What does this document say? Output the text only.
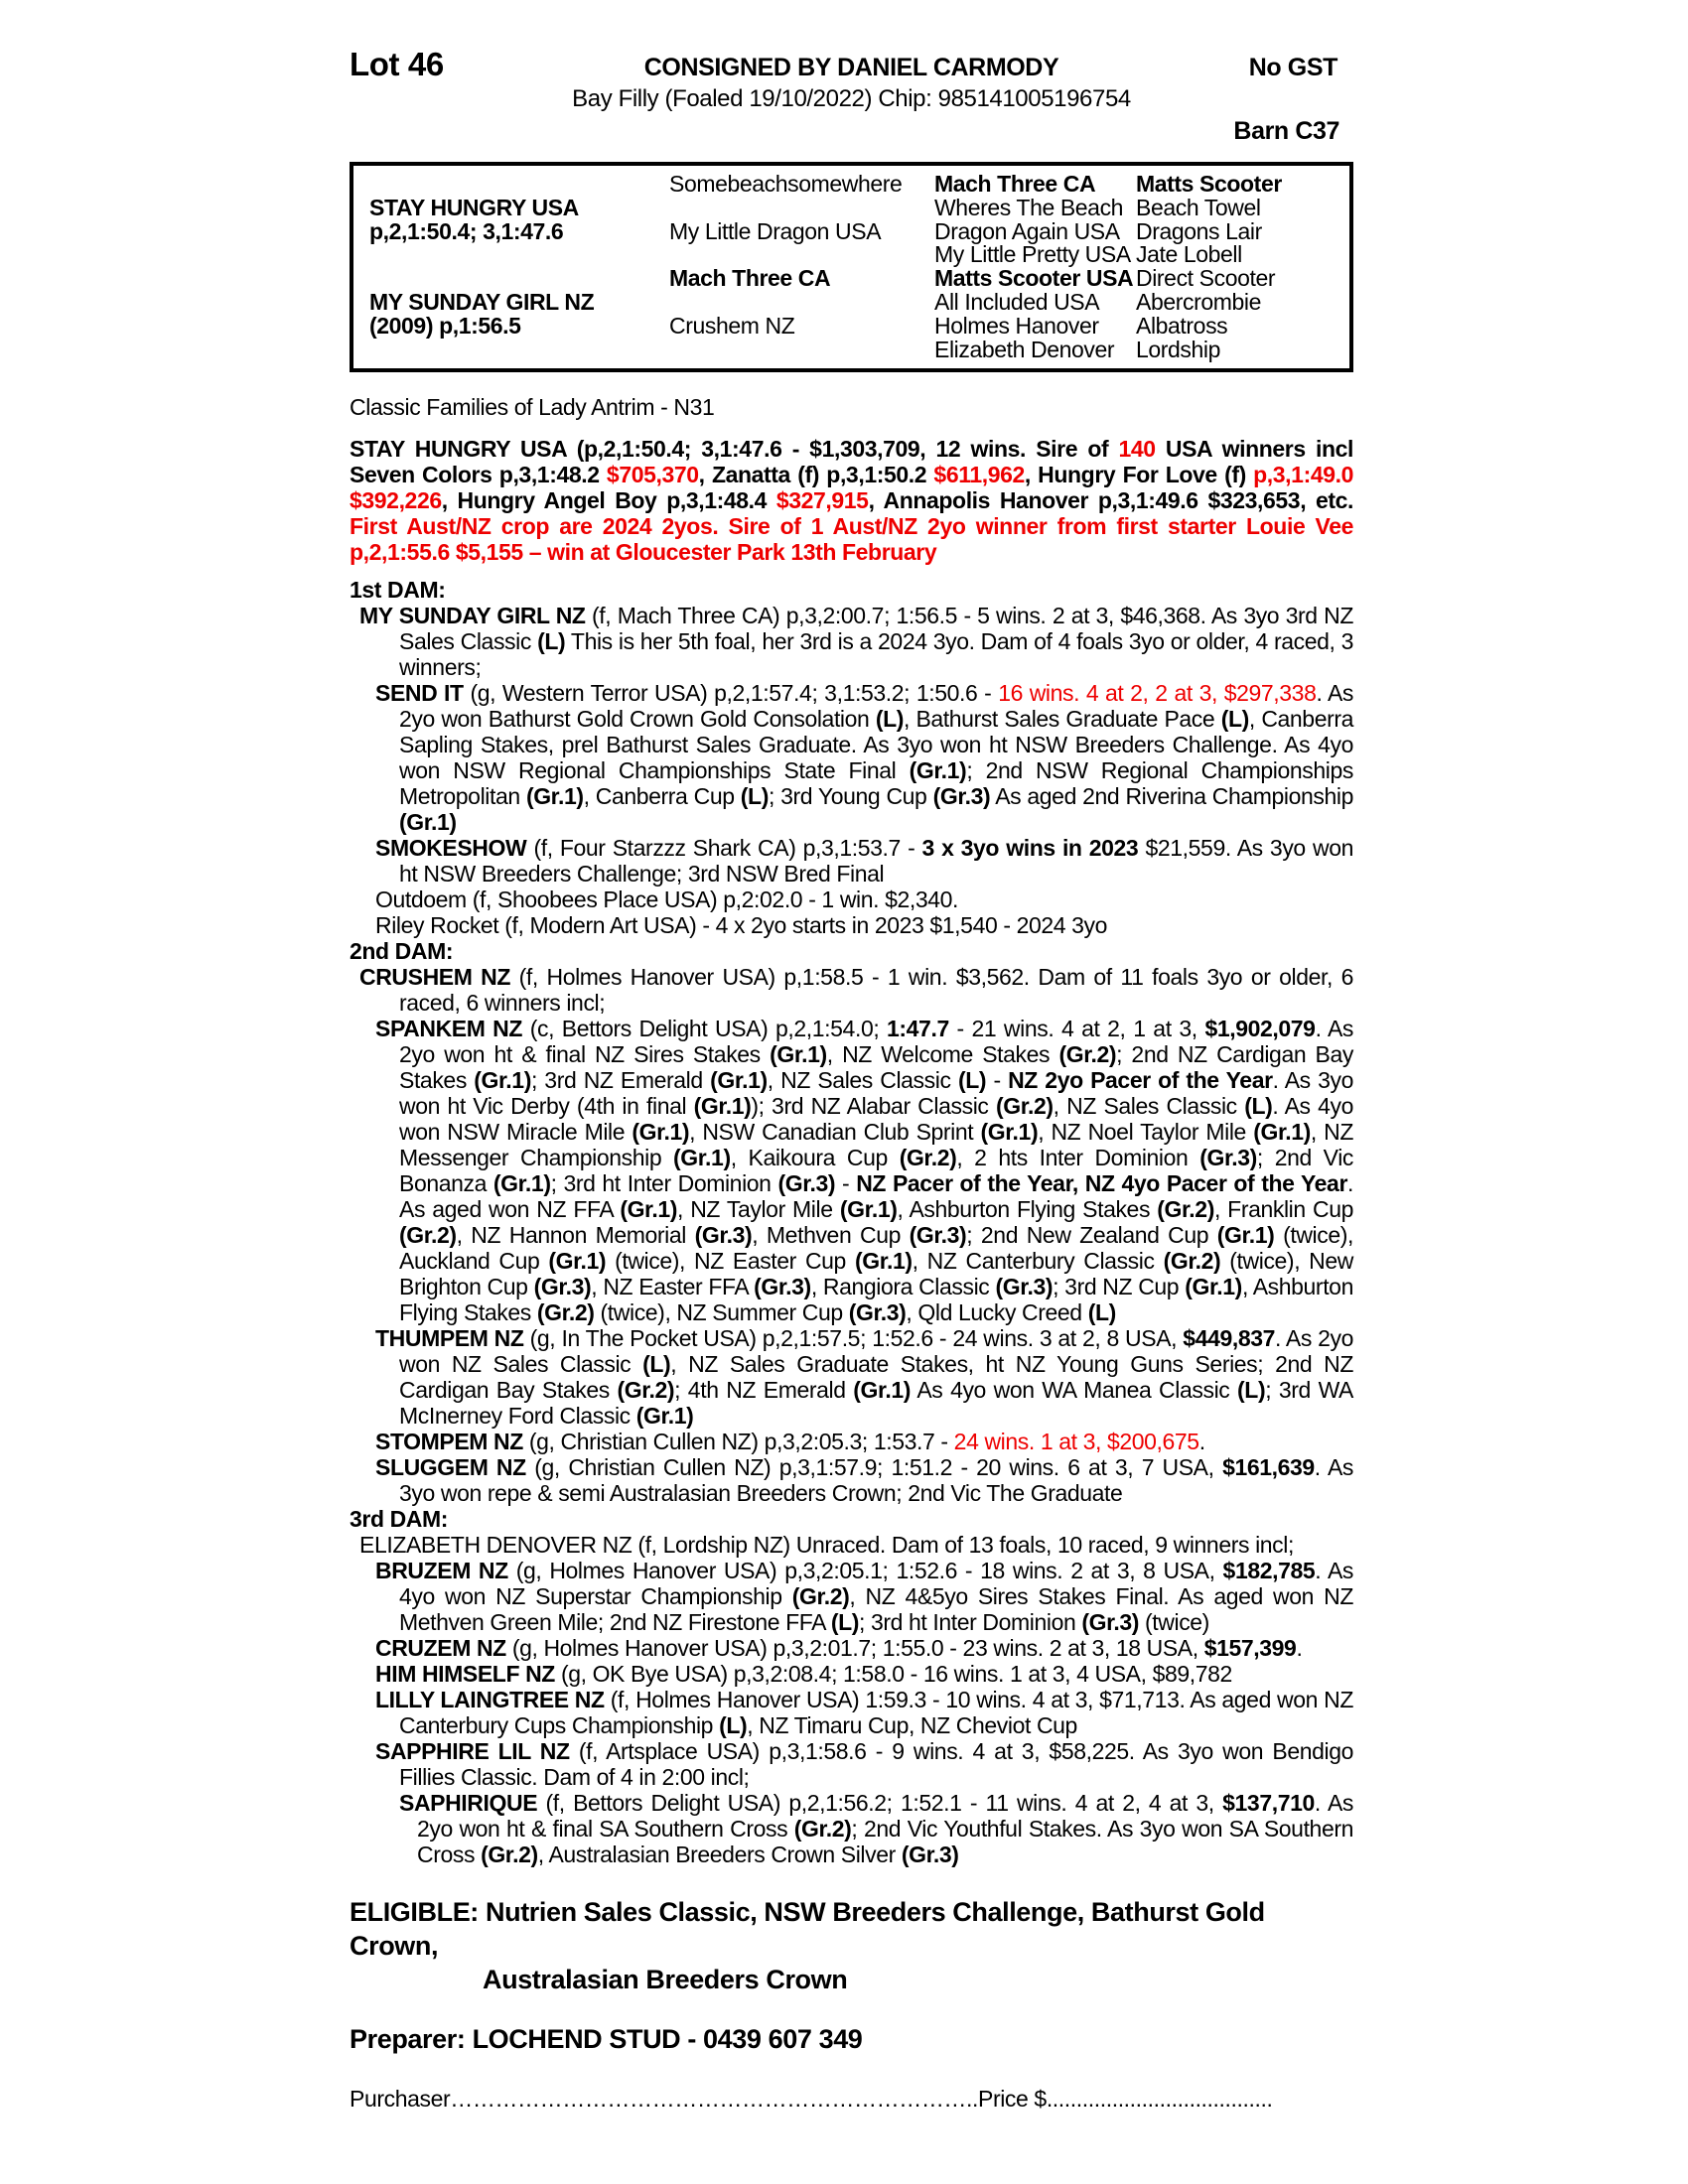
Lot 46	CONSIGNED BY DANIEL CARMODY	No GST
Bay Filly (Foaled 19/10/2022) Chip: 985141005196754
Barn C37
STAY HUNGRY USA
p,2,1:50.4; 3,1:47.6
MY SUNDAY GIRL NZ
(2009) p,1:56.5
Somebeachsomewhere
My Little Dragon USA
Mach Three CA
Crushem NZ
Mach Three CA
Wheres The Beach
Dragon Again USA
My Little Pretty USA
Matts Scooter USA
All Included USA
Holmes Hanover
Elizabeth Denover
Matts Scooter
Beach Towel
Dragons Lair
Jate Lobell
Direct Scooter
Abercrombie
Albatross
Lordship
Classic Families of Lady Antrim - N31
STAY HUNGRY USA (p,2,1:50.4; 3,1:47.6 - $1,303,709, 12 wins. Sire of 140 USA winners incl Seven Colors p,3,1:48.2 $705,370, Zanatta (f) p,3,1:50.2 $611,962, Hungry For Love (f) p,3,1:49.0 $392,226, Hungry Angel Boy p,3,1:48.4 $327,915, Annapolis Hanover p,3,1:49.6 $323,653, etc. First Aust/NZ crop are 2024 2yos. Sire of 1 Aust/NZ 2yo winner from first starter Louie Vee p,2,1:55.6 $5,155 – win at Gloucester Park 13th February
1st DAM:
MY SUNDAY GIRL NZ (f, Mach Three CA) p,3,2:00.7; 1:56.5 - 5 wins. 2 at 3, $46,368. As 3yo 3rd NZ Sales Classic (L) This is her 5th foal, her 3rd is a 2024 3yo. Dam of 4 foals 3yo or older, 4 raced, 3 winners;
SEND IT (g, Western Terror USA) p,2,1:57.4; 3,1:53.2; 1:50.6 - 16 wins. 4 at 2, 2 at 3, $297,338. As 2yo won Bathurst Gold Crown Gold Consolation (L), Bathurst Sales Graduate Pace (L), Canberra Sapling Stakes, prel Bathurst Sales Graduate. As 3yo won ht NSW Breeders Challenge. As 4yo won NSW Regional Championships State Final (Gr.1); 2nd NSW Regional Championships Metropolitan (Gr.1), Canberra Cup (L); 3rd Young Cup (Gr.3) As aged 2nd Riverina Championship (Gr.1)
SMOKESHOW (f, Four Starzzz Shark CA) p,3,1:53.7 - 3 x 3yo wins in 2023 $21,559. As 3yo won ht NSW Breeders Challenge; 3rd NSW Bred Final
Outdoem (f, Shoobees Place USA) p,2:02.0 - 1 win. $2,340.
Riley Rocket (f, Modern Art USA) - 4 x 2yo starts in 2023 $1,540 - 2024 3yo
2nd DAM:
CRUSHEM NZ (f, Holmes Hanover USA) p,1:58.5 - 1 win. $3,562. Dam of 11 foals 3yo or older, 6 raced, 6 winners incl;
SPANKEM NZ (c, Bettors Delight USA) p,2,1:54.0; 1:47.7 - 21 wins. 4 at 2, 1 at 3, $1,902,079. As 2yo won ht & final NZ Sires Stakes (Gr.1), NZ Welcome Stakes (Gr.2); 2nd NZ Cardigan Bay Stakes (Gr.1); 3rd NZ Emerald (Gr.1), NZ Sales Classic (L) - NZ 2yo Pacer of the Year. As 3yo won ht Vic Derby (4th in final (Gr.1)); 3rd NZ Alabar Classic (Gr.2), NZ Sales Classic (L). As 4yo won NSW Miracle Mile (Gr.1), NSW Canadian Club Sprint (Gr.1), NZ Noel Taylor Mile (Gr.1), NZ Messenger Championship (Gr.1), Kaikoura Cup (Gr.2), 2 hts Inter Dominion (Gr.3); 2nd Vic Bonanza (Gr.1); 3rd ht Inter Dominion (Gr.3) - NZ Pacer of the Year, NZ 4yo Pacer of the Year. As aged won NZ FFA (Gr.1), NZ Taylor Mile (Gr.1), Ashburton Flying Stakes (Gr.2), Franklin Cup (Gr.2), NZ Hannon Memorial (Gr.3), Methven Cup (Gr.3); 2nd New Zealand Cup (Gr.1) (twice), Auckland Cup (Gr.1) (twice), NZ Easter Cup (Gr.1), NZ Canterbury Classic (Gr.2) (twice), New Brighton Cup (Gr.3), NZ Easter FFA (Gr.3), Rangiora Classic (Gr.3); 3rd NZ Cup (Gr.1), Ashburton Flying Stakes (Gr.2) (twice), NZ Summer Cup (Gr.3), Qld Lucky Creed (L)
THUMPEM NZ (g, In The Pocket USA) p,2,1:57.5; 1:52.6 - 24 wins. 3 at 2, 8 USA, $449,837. As 2yo won NZ Sales Classic (L), NZ Sales Graduate Stakes, ht NZ Young Guns Series; 2nd NZ Cardigan Bay Stakes (Gr.2); 4th NZ Emerald (Gr.1) As 4yo won WA Manea Classic (L); 3rd WA McInerney Ford Classic (Gr.1)
STOMPEM NZ (g, Christian Cullen NZ) p,3,2:05.3; 1:53.7 - 24 wins. 1 at 3, $200,675.
SLUGGEM NZ (g, Christian Cullen NZ) p,3,1:57.9; 1:51.2 - 20 wins. 6 at 3, 7 USA, $161,639. As 3yo won repe & semi Australasian Breeders Crown; 2nd Vic The Graduate
3rd DAM:
ELIZABETH DENOVER NZ (f, Lordship NZ) Unraced. Dam of 13 foals, 10 raced, 9 winners incl;
BRUZEM NZ (g, Holmes Hanover USA) p,3,2:05.1; 1:52.6 - 18 wins. 2 at 3, 8 USA, $182,785. As 4yo won NZ Superstar Championship (Gr.2), NZ 4&5yo Sires Stakes Final. As aged won NZ Methven Green Mile; 2nd NZ Firestone FFA (L); 3rd ht Inter Dominion (Gr.3) (twice)
CRUZEM NZ (g, Holmes Hanover USA) p,3,2:01.7; 1:55.0 - 23 wins. 2 at 3, 18 USA, $157,399.
HIM HIMSELF NZ (g, OK Bye USA) p,3,2:08.4; 1:58.0 - 16 wins. 1 at 3, 4 USA, $89,782
LILLY LAINGTREE NZ (f, Holmes Hanover USA) 1:59.3 - 10 wins. 4 at 3, $71,713. As aged won NZ Canterbury Cups Championship (L), NZ Timaru Cup, NZ Cheviot Cup
SAPPHIRE LIL NZ (f, Artsplace USA) p,3,1:58.6 - 9 wins. 4 at 3, $58,225. As 3yo won Bendigo Fillies Classic. Dam of 4 in 2:00 incl;
SAPHIRIQUE (f, Bettors Delight USA) p,2,1:56.2; 1:52.1 - 11 wins. 4 at 2, 4 at 3, $137,710. As 2yo won ht & final SA Southern Cross (Gr.2); 2nd Vic Youthful Stakes. As 3yo won SA Southern Cross (Gr.2), Australasian Breeders Crown Silver (Gr.3)
ELIGIBLE: Nutrien Sales Classic, NSW Breeders Challenge, Bathurst Gold Crown,
Australasian Breeders Crown
Preparer: LOCHEND STUD - 0439 607 349
Purchaser …………………………………………………………….. Price $ ......................................
